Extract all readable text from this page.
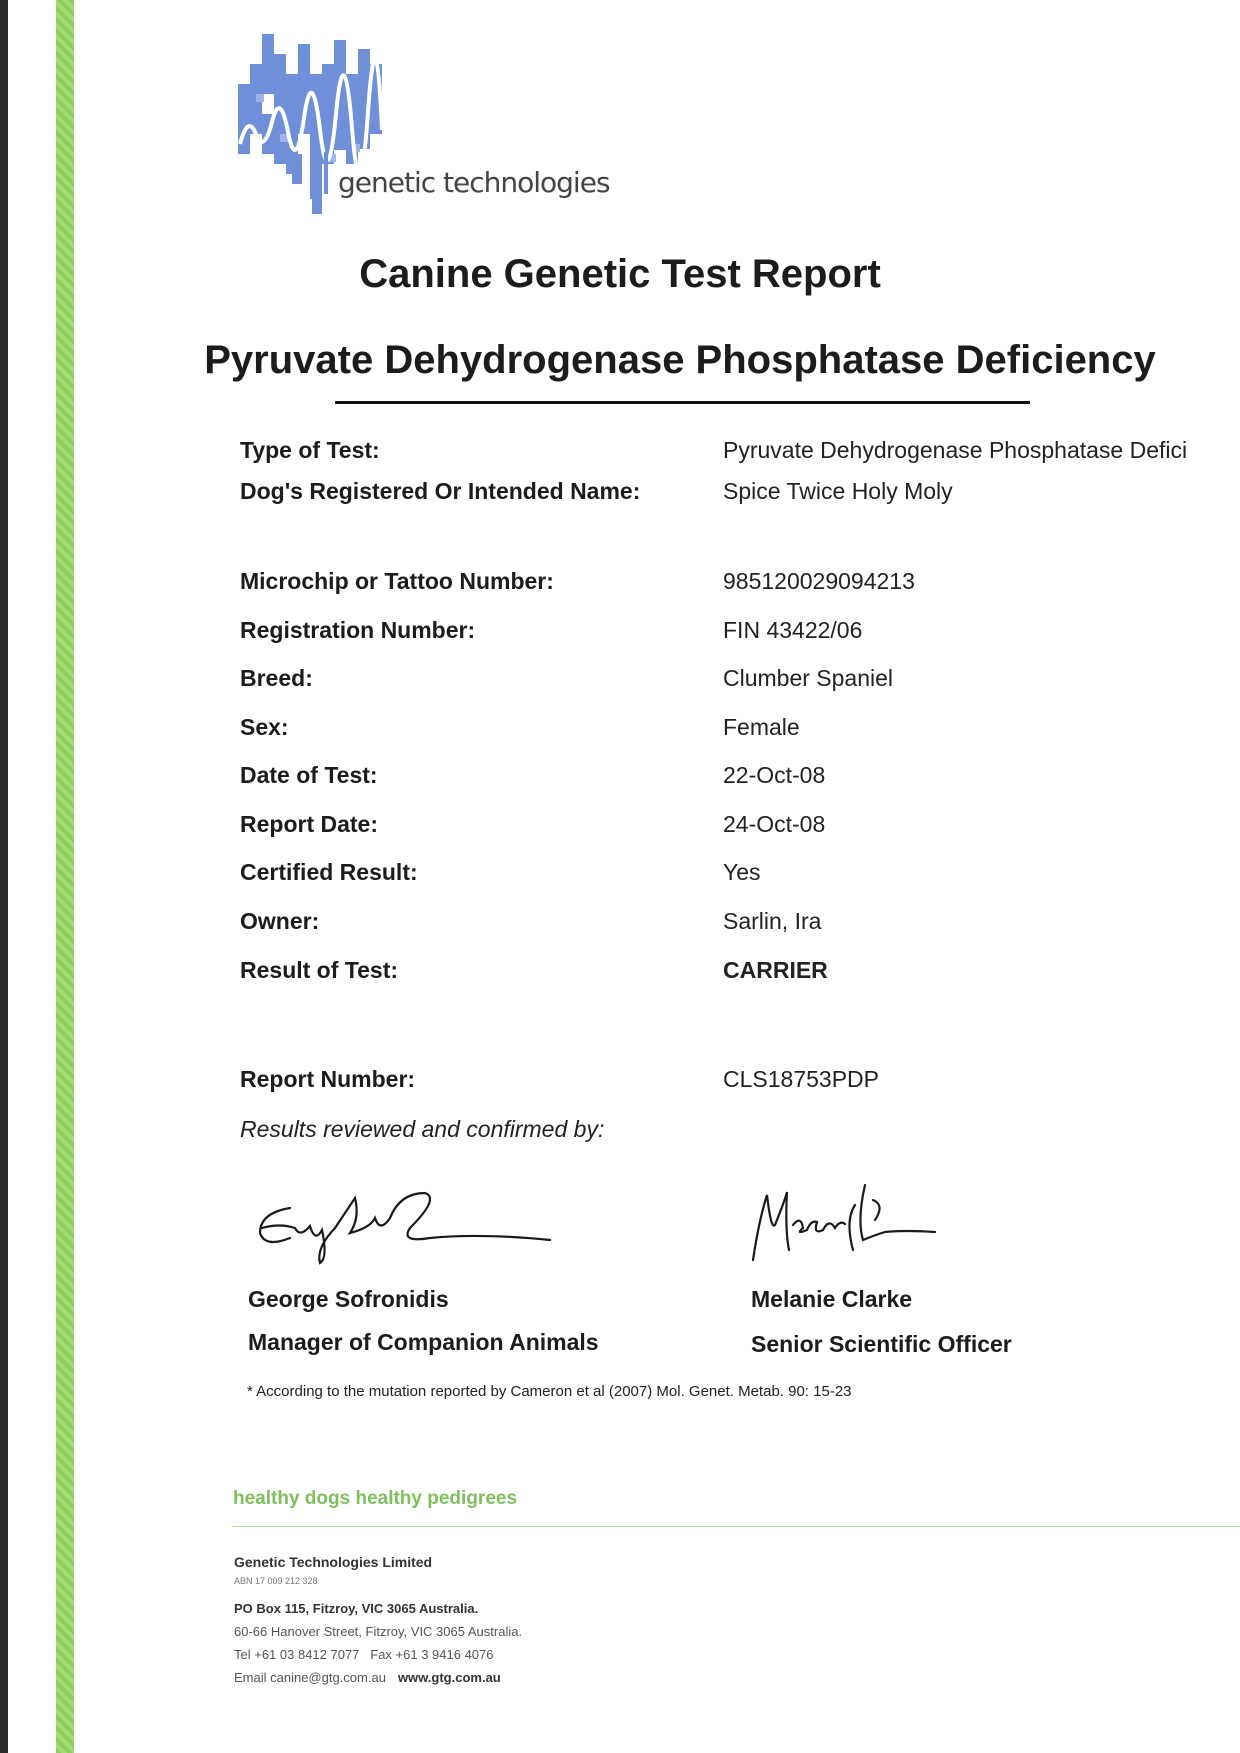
genetic technologies
Canine Genetic Test Report
Pyruvate Dehydrogenase Phosphatase Deficiency
Type of Test:	Pyruvate Dehydrogenase Phosphatase Defici
Dog's Registered Or Intended Name:	Spice Twice Holy Moly
Microchip or Tattoo Number:	985120029094213
Registration Number:	FIN 43422/06
Breed:	Clumber Spaniel
Sex:	Female
Date of Test:	22-Oct-08
Report Date:	24-Oct-08
Certified Result:	Yes
Owner:	Sarlin, Ira
Result of Test:	CARRIER
Report Number:	CLS18753PDP
Results reviewed and confirmed by:
George Sofronidis
Manager of Companion Animals
Melanie Clarke
Senior Scientific Officer
* According to the mutation reported by Cameron et al (2007) Mol. Genet. Metab. 90: 15-23
healthy dogs healthy pedigrees
Genetic Technologies Limited
ABN 17 009 212 328
PO Box 115, Fitzroy, VIC 3065 Australia.
60-66 Hanover Street, Fitzroy, VIC 3065 Australia.
Tel +61 03 8412 7077   Fax +61 3 9416 4076
Email canine@gtg.com.au www.gtg.com.au
